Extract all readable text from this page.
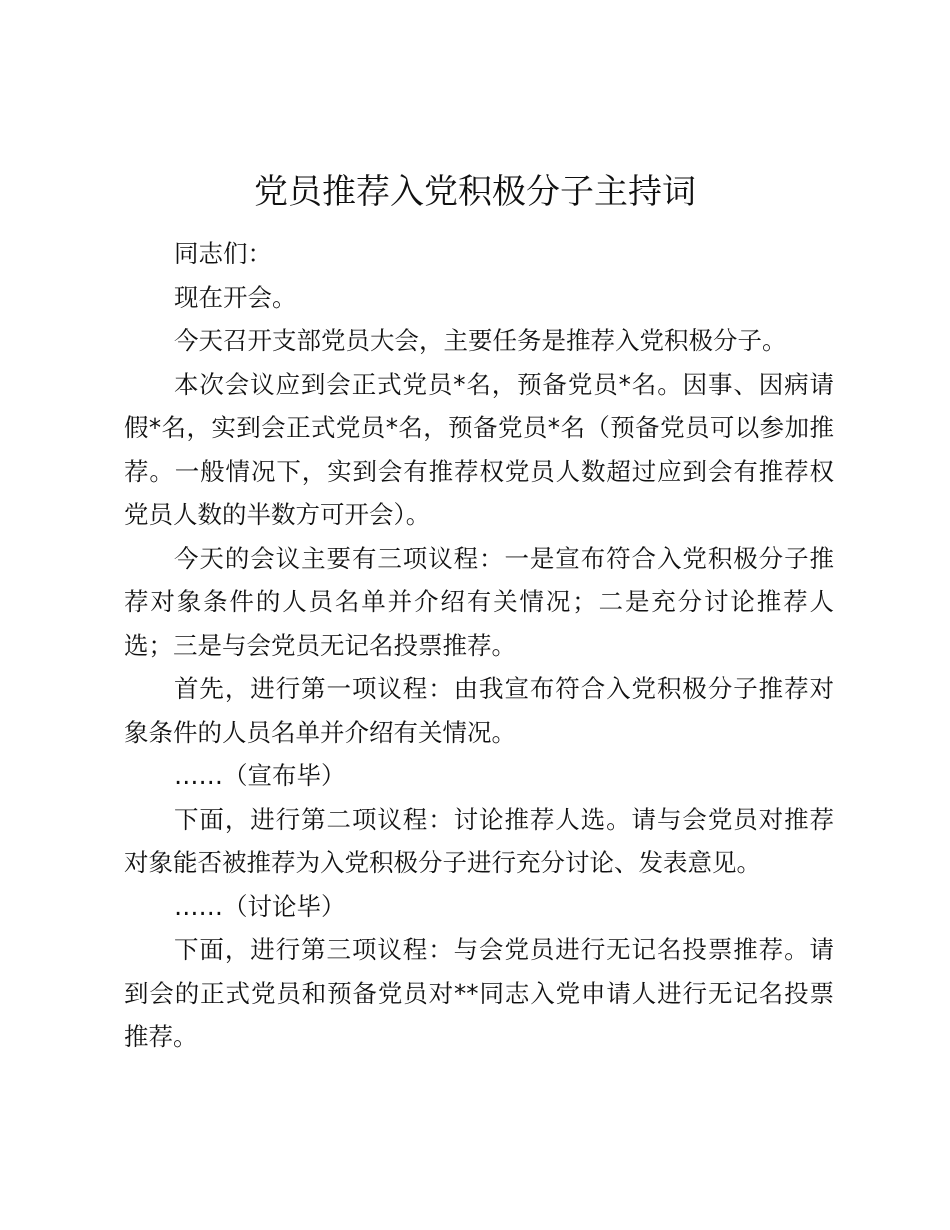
党员推荐入党积极分子主持词

同志们：

现在开会。

今天召开支部党员大会，主要任务是推荐入党积极分子。

本次会议应到会正式党员*名，预备党员*名。因事、因病请假*名，实到会正式党员*名，预备党员*名（预备党员可以参加推荐。一般情况下，实到会有推荐权党员人数超过应到会有推荐权党员人数的半数方可开会）。

今天的会议主要有三项议程：一是宣布符合入党积极分子推荐对象条件的人员名单并介绍有关情况；二是充分讨论推荐人选；三是与会党员无记名投票推荐。

首先，进行第一项议程：由我宣布符合入党积极分子推荐对象条件的人员名单并介绍有关情况。

……（宣布毕）

下面，进行第二项议程：讨论推荐人选。请与会党员对推荐对象能否被推荐为入党积极分子进行充分讨论、发表意见。

……（讨论毕）

下面，进行第三项议程：与会党员进行无记名投票推荐。请到会的正式党员和预备党员对**同志入党申请人进行无记名投票推荐。
